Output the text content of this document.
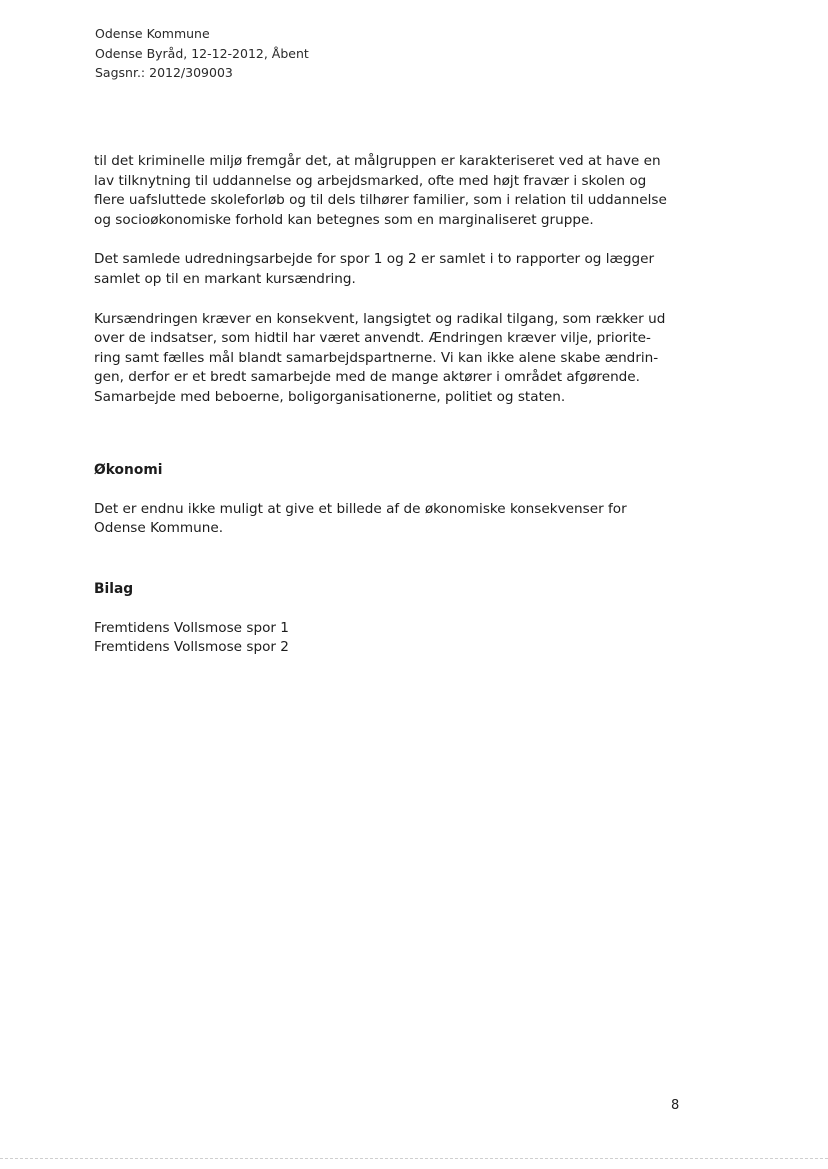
Odense Kommune
Odense Byråd, 12-12-2012, Åbent
Sagsnr.: 2012/309003

til det kriminelle miljø fremgår det, at målgruppen er karakteriseret ved at have en
lav tilknytning til uddannelse og arbejdsmarked, ofte med højt fravær i skolen og
flere uafsluttede skoleforløb og til dels tilhører familier, som i relation til uddannelse
og socioøkonomiske forhold kan betegnes som en marginaliseret gruppe.

Det samlede udredningsarbejde for spor 1 og 2 er samlet i to rapporter og lægger
samlet op til en markant kursændring.

Kursændringen kræver en konsekvent, langsigtet og radikal tilgang, som rækker ud
over de indsatser, som hidtil har været anvendt. Ændringen kræver vilje, priorite-
ring samt fælles mål blandt samarbejdspartnerne. Vi kan ikke alene skabe ændrin-
gen, derfor er et bredt samarbejde med de mange aktører i området afgørende.
Samarbejde med beboerne, boligorganisationerne, politiet og staten.

Økonomi

Det er endnu ikke muligt at give et billede af de økonomiske konsekvenser for
Odense Kommune.

Bilag
Fremtidens Vollsmose spor 1
Fremtidens Vollsmose spor 2
8
